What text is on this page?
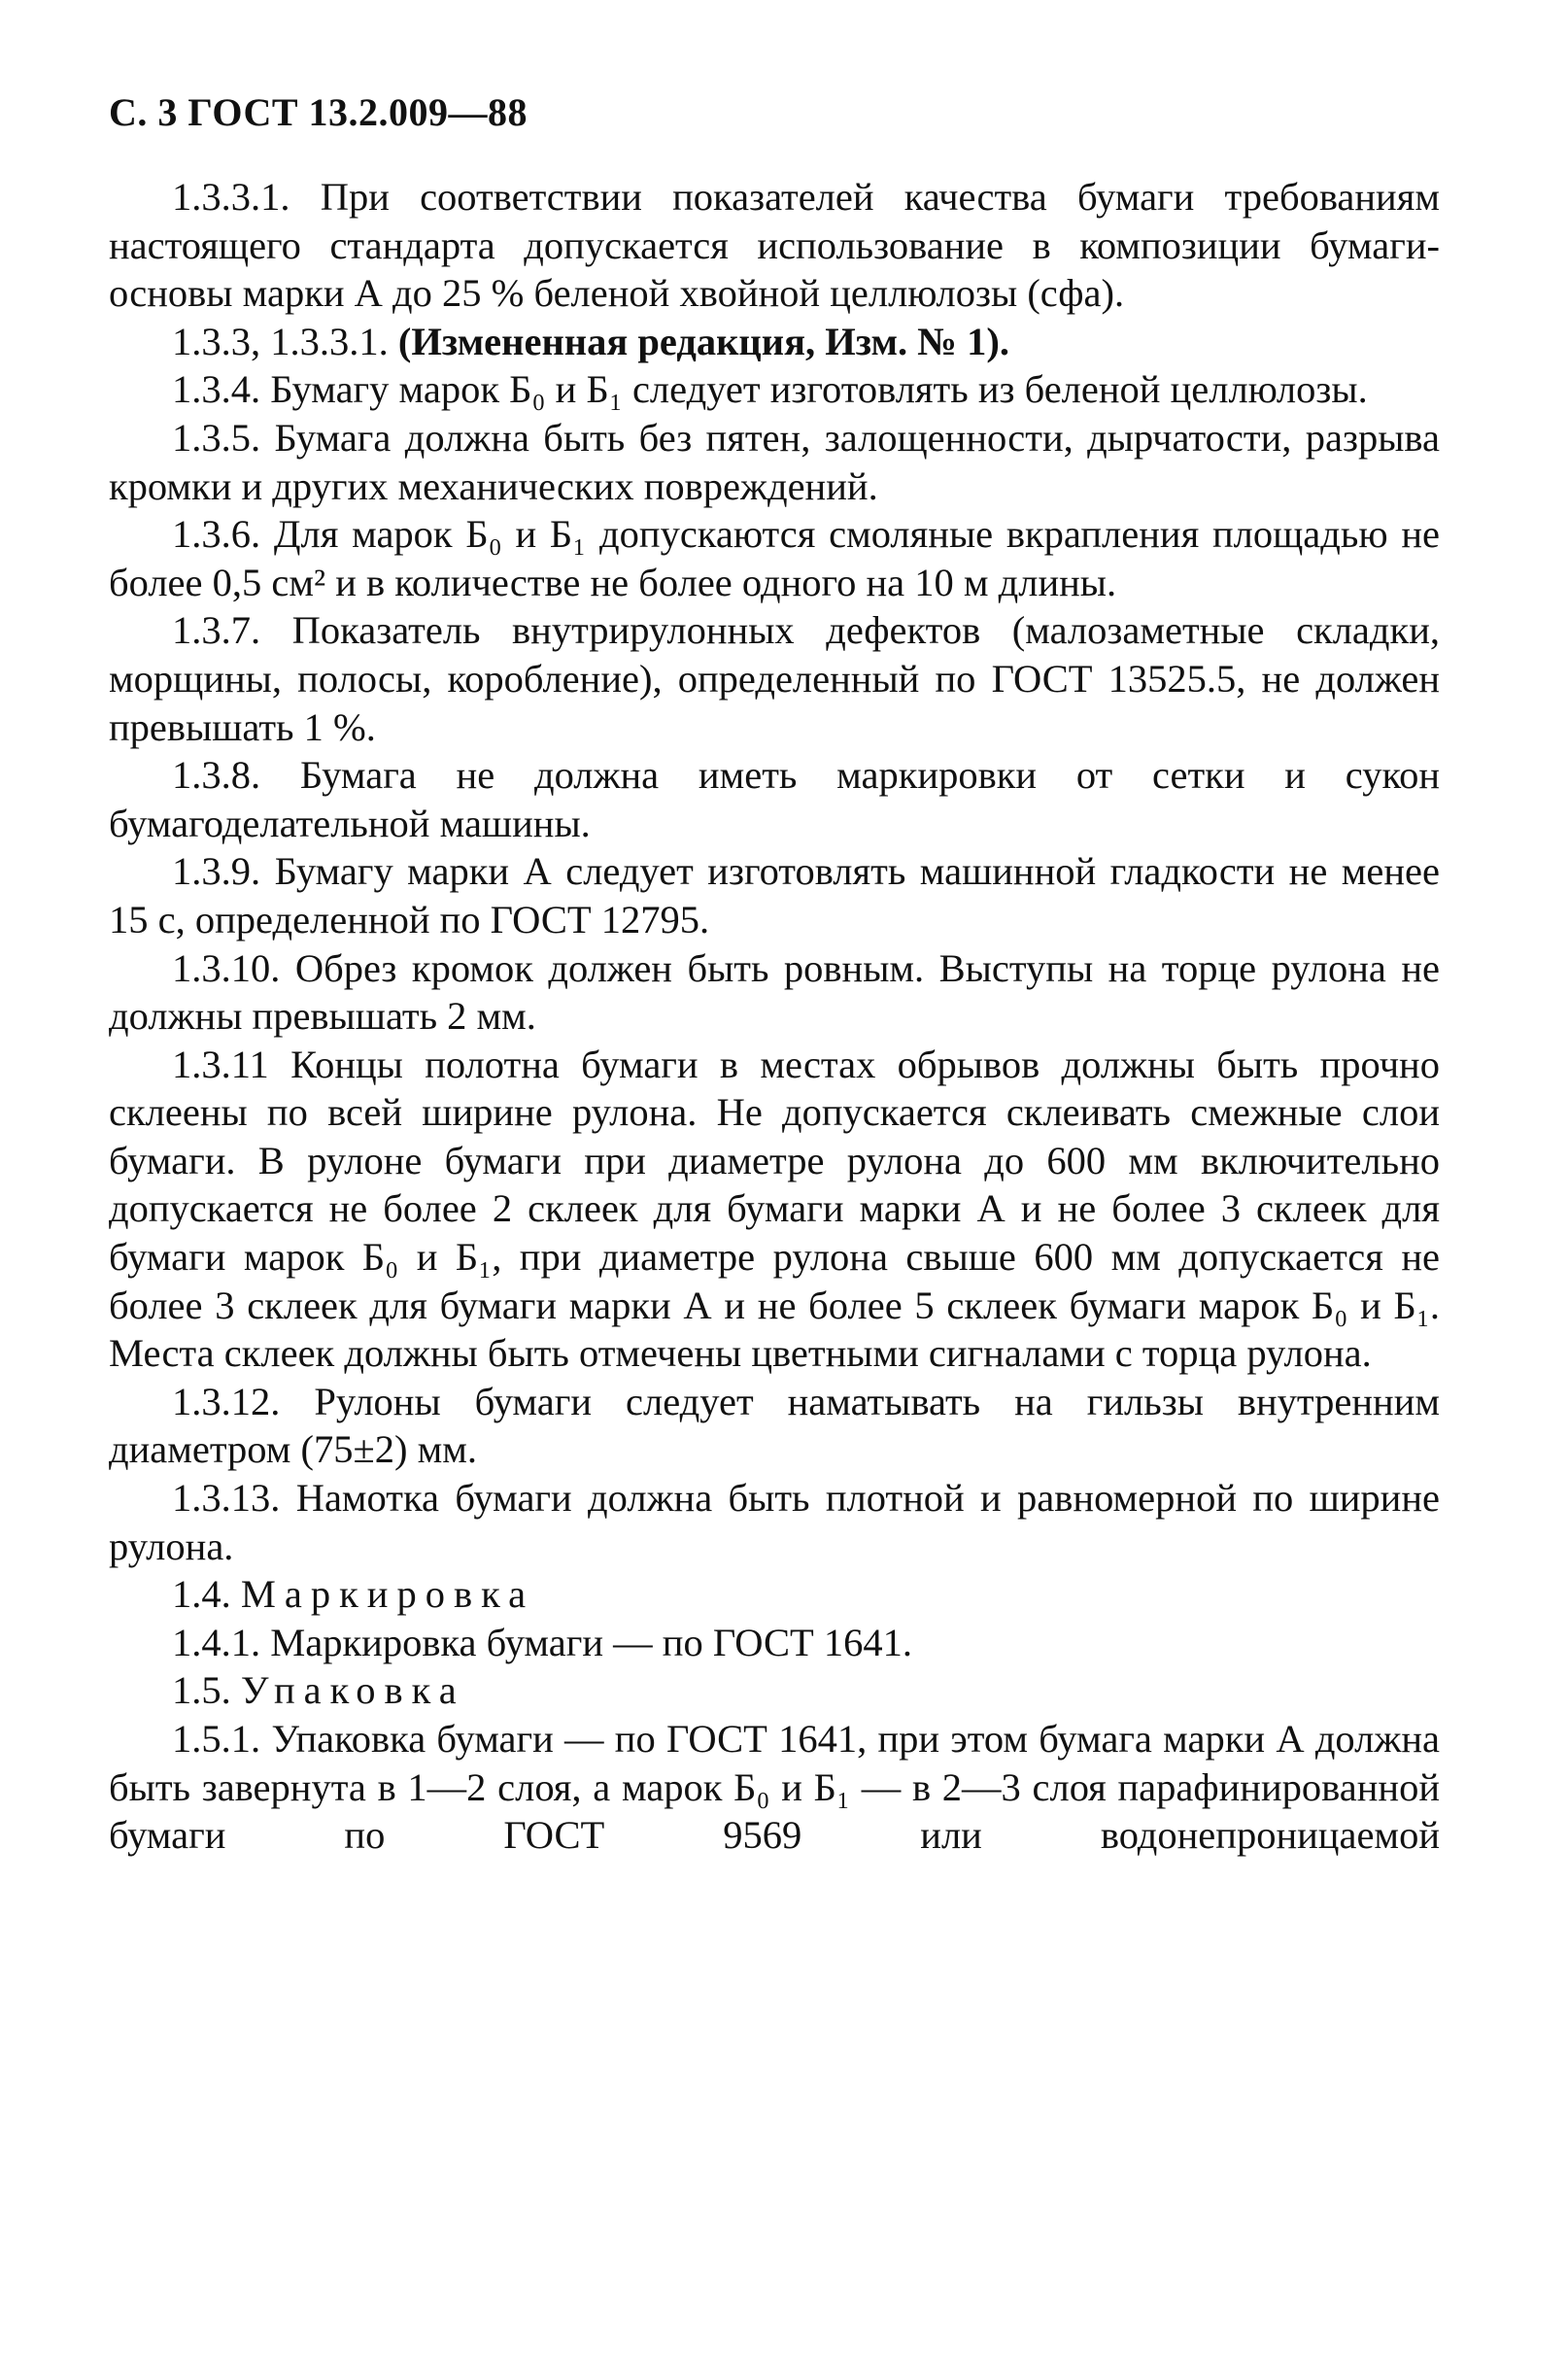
С. 3 ГОСТ 13.2.009—88

1.3.3.1. При соответствии показателей качества бумаги требованиям настоящего стандарта допускается использование в композиции бумаги-основы марки А до 25 % беленой хвойной целлюлозы (сфа).

1.3.3, 1.3.3.1. (Измененная редакция, Изм. № 1).

1.3.4. Бумагу марок Б₀ и Б₁ следует изготовлять из беленой целлюлозы.

1.3.5. Бумага должна быть без пятен, залощенности, дырчатости, разрыва кромки и других механических повреждений.

1.3.6. Для марок Б₀ и Б₁ допускаются смоляные вкрапления площадью не более 0,5 см² и в количестве не более одного на 10 м длины.

1.3.7. Показатель внутрирулонных дефектов (малозаметные складки, морщины, полосы, коробление), определенный по ГОСТ 13525.5, не должен превышать 1 %.

1.3.8. Бумага не должна иметь маркировки от сетки и сукон бумагоделательной машины.

1.3.9. Бумагу марки А следует изготовлять машинной гладкости не менее 15 с, определенной по ГОСТ 12795.

1.3.10. Обрез кромок должен быть ровным. Выступы на торце рулона не должны превышать 2 мм.

1.3.11 Концы полотна бумаги в местах обрывов должны быть прочно склеены по всей ширине рулона. Не допускается склеивать смежные слои бумаги. В рулоне бумаги при диаметре рулона до 600 мм включительно допускается не более 2 склеек для бумаги марки А и не более 3 склеек для бумаги марок Б₀ и Б₁, при диаметре рулона свыше 600 мм допускается не более 3 склеек для бумаги марки А и не более 5 склеек бумаги марок Б₀ и Б₁. Места склеек должны быть отмечены цветными сигналами с торца рулона.

1.3.12. Рулоны бумаги следует наматывать на гильзы внутренним диаметром (75±2) мм.

1.3.13. Намотка бумаги должна быть плотной и равномерной по ширине рулона.

1.4. Маркировка

1.4.1. Маркировка бумаги — по ГОСТ 1641.

1.5. Упаковка

1.5.1. Упаковка бумаги — по ГОСТ 1641, при этом бумага марки А должна быть завернута в 1—2 слоя, а марок Б₀ и Б₁ — в 2—3 слоя парафинированной бумаги по ГОСТ 9569 или водонепроницаемой
